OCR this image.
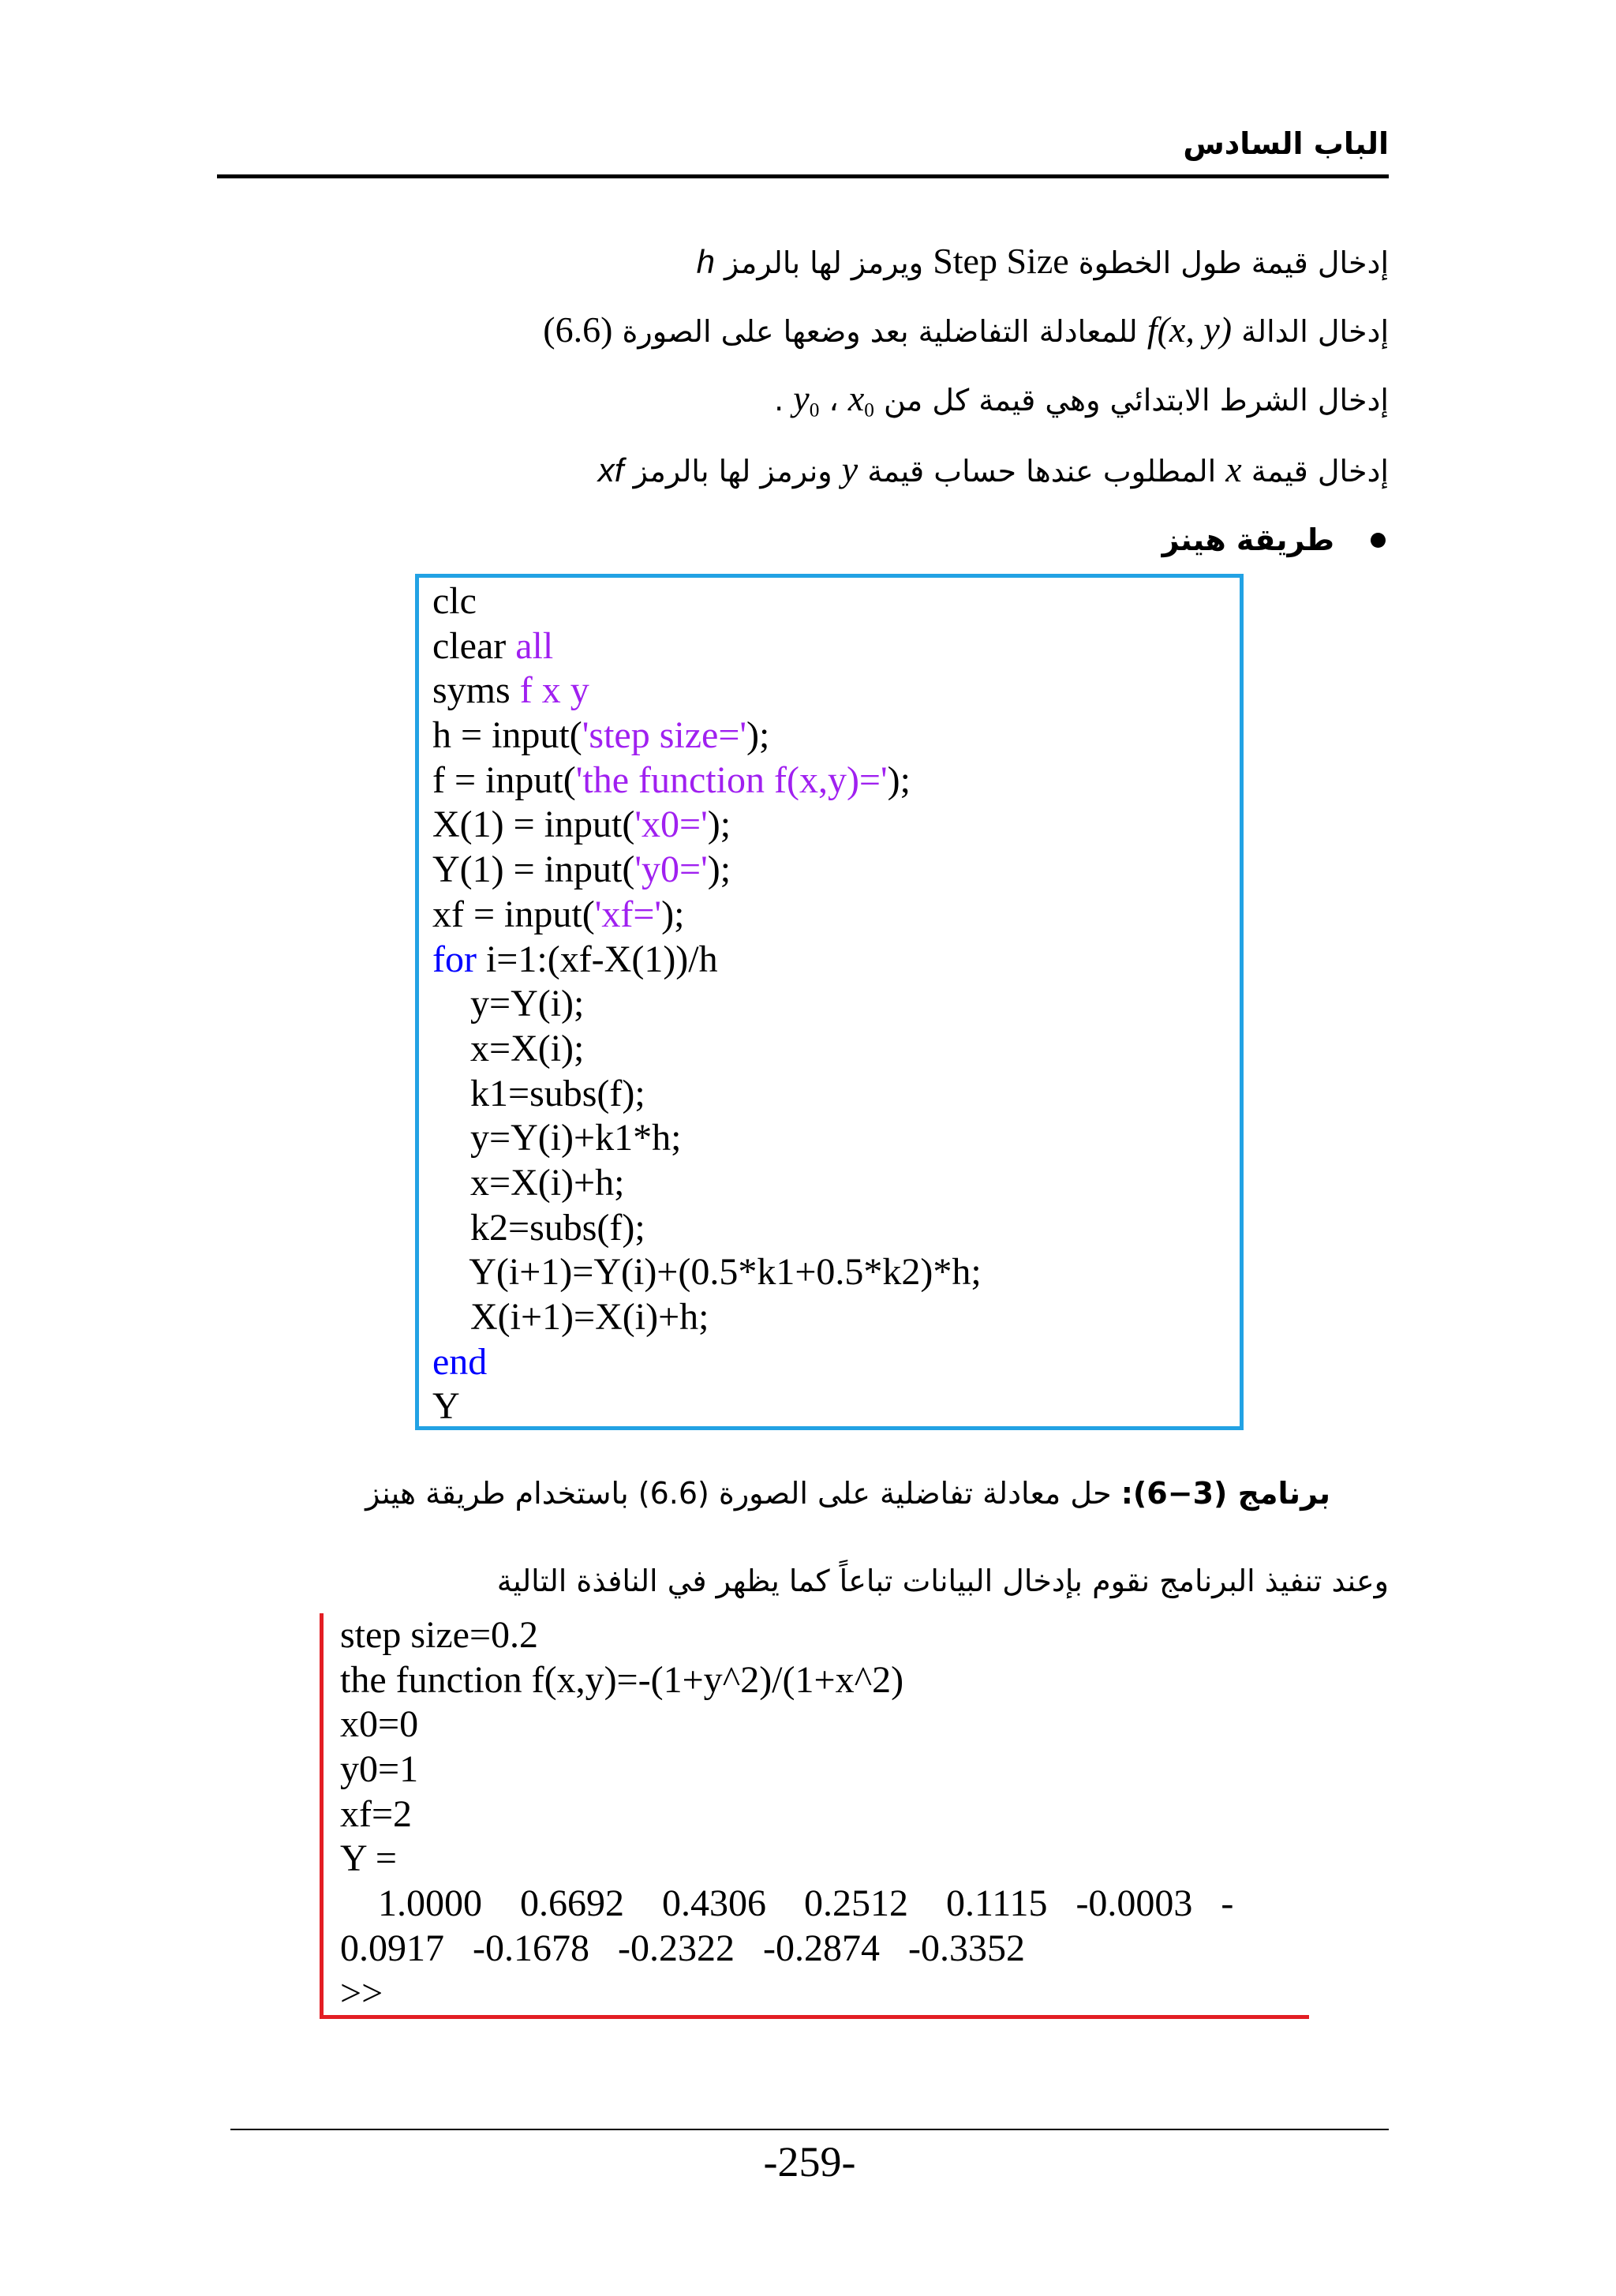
الباب السادس
إدخال قيمة طول الخطوة Step Size ويرمز لها بالرمز h
إدخال الدالة f(x, y) للمعادلة التفاضلية بعد وضعها على الصورة (6.6)
إدخال الشرط الابتدائي وهي قيمة كل من $x_0$ ، $y_0$ .
إدخال قيمة x المطلوب عندها حساب قيمة y ونرمز لها بالرمز xf
طريقة هينز
clc
clear all
syms f x y
h = input('step size=');
f = input('the function f(x,y)=');
X(1) = input('x0=');
Y(1) = input('y0=');
xf = input('xf=');
for i=1:(xf-X(1))/h
y=Y(i);
x=X(i);
k1=subs(f);
y=Y(i)+k1*h;
x=X(i)+h;
k2=subs(f);
Y(i+1)=Y(i)+(0.5*k1+0.5*k2)*h;
X(i+1)=X(i)+h;
end
Y
برنامج (3−6): حل معادلة تفاضلية على الصورة (6.6) باستخدام طريقة هينز
وعند تنفيذ البرنامج نقوم بإدخال البيانات تباعاً كما يظهر في النافذة التالية
step size=0.2
the function f(x,y)=-(1+y^2)/(1+x^2)
x0=0
y0=1
xf=2
Y =
1.0000    0.6692    0.4306    0.2512    0.1115   -0.0003   -
0.0917   -0.1678   -0.2322   -0.2874   -0.3352
>>
-259-
